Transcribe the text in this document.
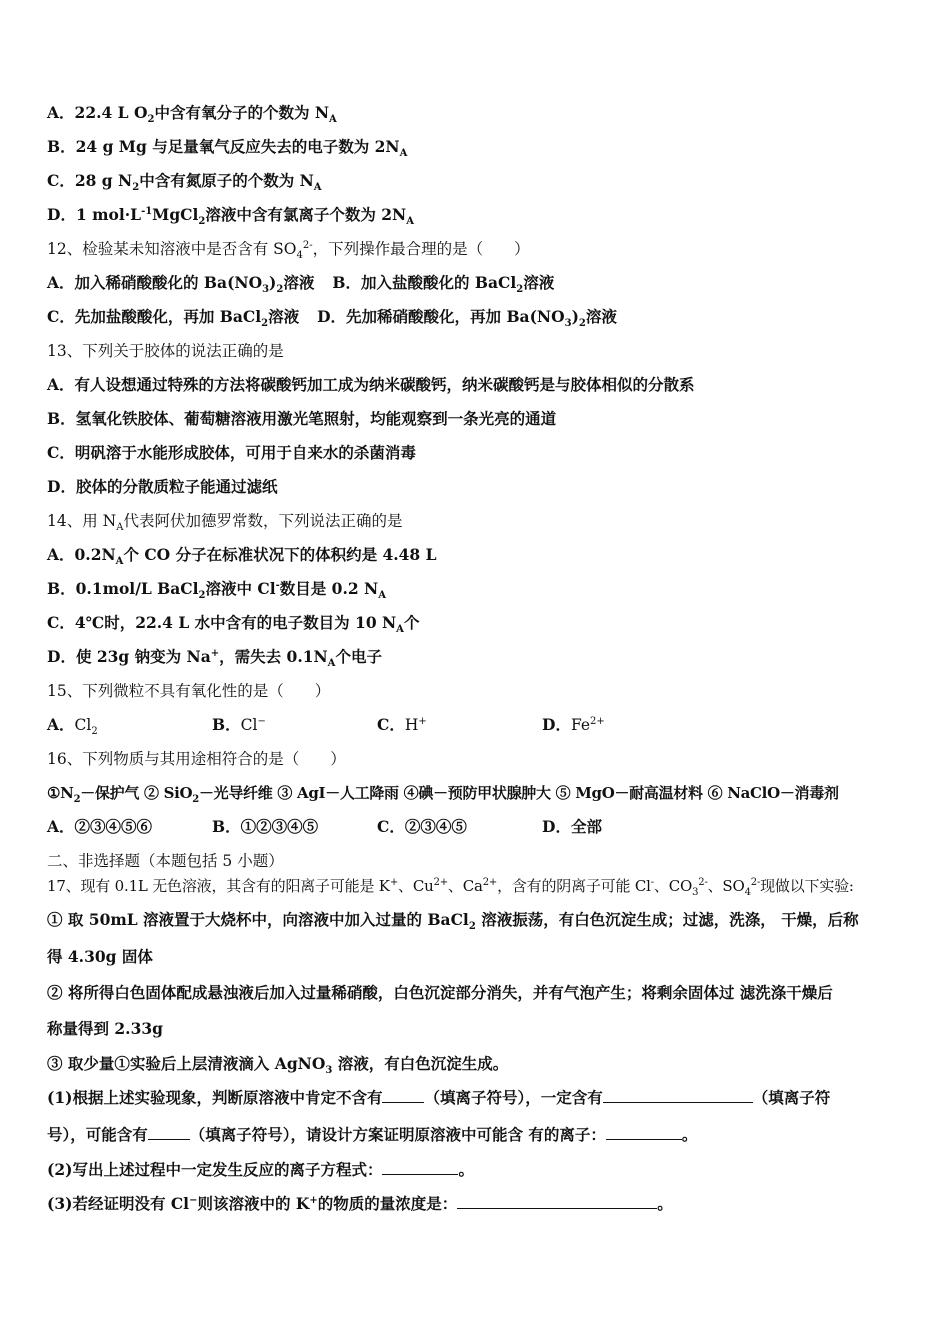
A．22.4 L $O_2$中含有氧分子的个数为 $N_A$
B．24 g Mg 与足量氧气反应失去的电子数为 $2N_A$
C．28 g $N_2$中含有氮原子的个数为 $N_A$
D．1 $mol\cdot L^{-1}MgCl_2$溶液中含有氯离子个数为 $2N_A$
12、检验某未知溶液中是否含有 $SO_4^{2-}$，下列操作最合理的是（　　）
A．加入稀硝酸酸化的 $Ba(NO_3)_2$溶液 B．加入盐酸酸化的 BaCl$_2$溶液
C．先加盐酸酸化，再加 BaCl$_2$溶液 D．先加稀硝酸酸化，再加 $Ba(NO_3)_2$溶液
13、下列关于胶体的说法正确的是
A．有人设想通过特殊的方法将碳酸钙加工成为纳米碳酸钙，纳米碳酸钙是与胶体相似的分散系
B．氢氧化铁胶体、葡萄糖溶液用激光笔照射，均能观察到一条光亮的通道
C．明矾溶于水能形成胶体，可用于自来水的杀菌消毒
D．胶体的分散质粒子能通过滤纸
14、用 $N_A$代表阿伏加德罗常数，下列说法正确的是
A．$0.2N_A$个 CO 分子在标准状况下的体积约是 4.48 L
B．0.1mol/L BaCl$_2$溶液中 Cl-数目是 0.2 $N_A$
C．4℃时，22.4 L 水中含有的电子数目为 10 $N_A$个
D．使 23g 钠变为 Na+，需失去 $0.1N_A$个电子
15、下列微粒不具有氧化性的是（　　）
A．$Cl_2$	B．Cl−	C．H+	D．$Fe^{2+}$
16、下列物质与其用途相符合的是（　　）
$①N_2-$保护气 ② SiO$_2$－光导纤维 ③ AgI－人工降雨 ④碘－预防甲状腺肿大 ⑤ MgO－耐高温材料 ⑥ NaClO－消毒剂
A．②③④⑤⑥	B．①②③④⑤	C．②③④⑤	D．全部
二、非选择题（本题包括 5 小题）
17、现有 0.1L 无色溶液，其含有的阳离子可能是 K+、$Cu^{2+}$、$Ca^{2+}$，含有的阴离子可能 Cl-、$CO_3^{2-}$、$SO_4^{2-}$现做以下实验:
① 取 50mL 溶液置于大烧杯中，向溶液中加入过量的 BaCl$_2$ 溶液振荡，有白色沉淀生成；过滤，洗涤， 干燥，后称
得 4.30g 固体
② 将所得白色固体配成悬浊液后加入过量稀硝酸，白色沉淀部分消失，并有气泡产生；将剩余固体过 滤洗涤干燥后
称量得到 2.33g
③ 取少量①实验后上层清液滴入 AgNO$_3$ 溶液，有白色沉淀生成。
(1)根据上述实验现象，判断原溶液中肯定不含有	（填离子符号），一定含有	（填离子符
号），可能含有	（填离子符号），请设计方案证明原溶液中可能含 有的离子：	。
(2)写出上述过程中一定发生反应的离子方程式：	。
(3)若经证明没有 Cl−则该溶液中的 K+的物质的量浓度是：	。
